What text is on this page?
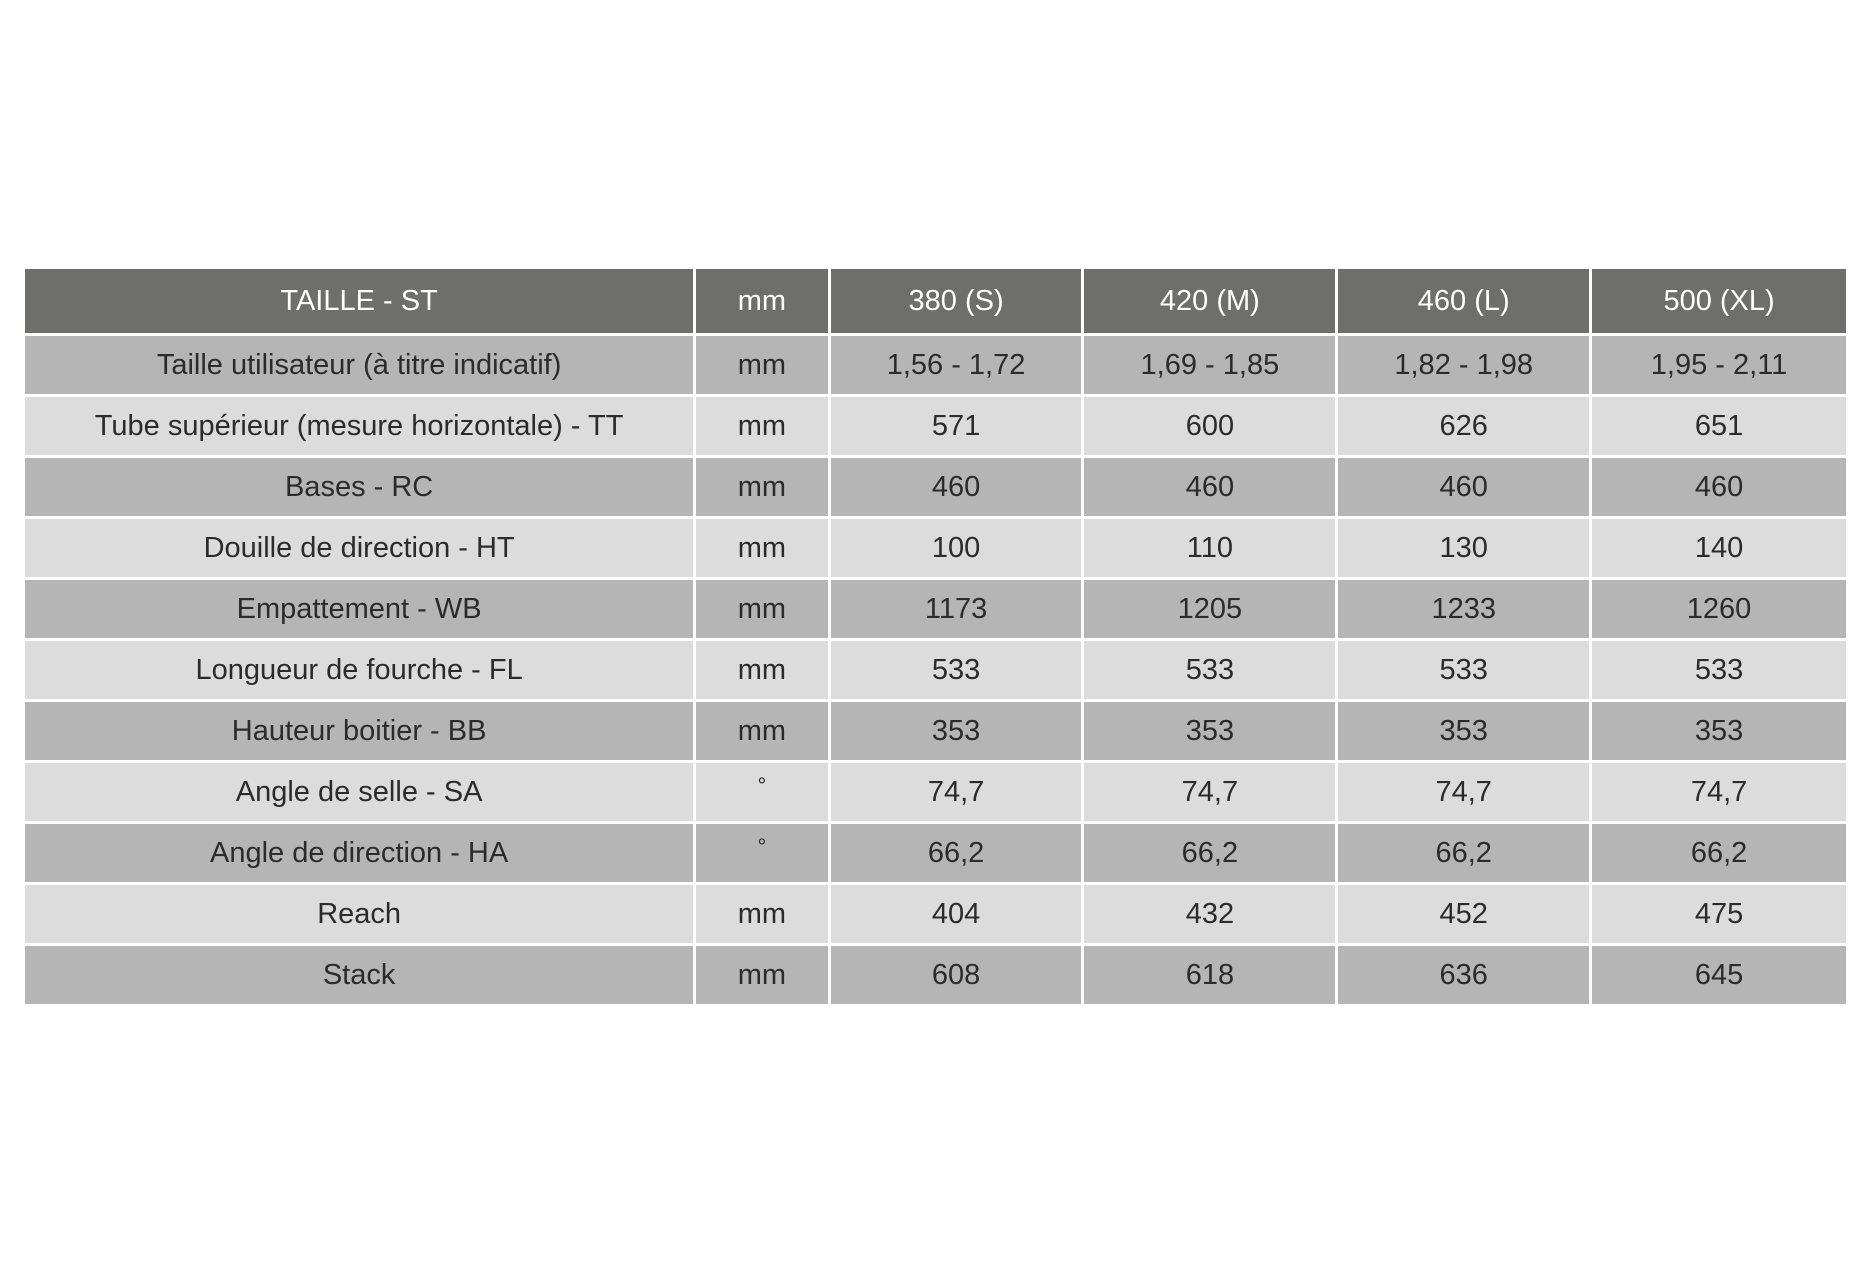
TAILLE - ST	mm	380 (S)	420 (M)	460 (L)	500 (XL)
Taille utilisateur (à titre indicatif)	mm	1,56 - 1,72	1,69 - 1,85	1,82 - 1,98	1,95 - 2,11
Tube supérieur (mesure horizontale) - TT	mm	571	600	626	651
Bases - RC	mm	460	460	460	460
Douille de direction - HT	mm	100	110	130	140
Empattement - WB	mm	1173	1205	1233	1260
Longueur de fourche - FL	mm	533	533	533	533
Hauteur boitier - BB	mm	353	353	353	353
Angle de selle - SA	°	74,7	74,7	74,7	74,7
Angle de direction - HA	°	66,2	66,2	66,2	66,2
Reach	mm	404	432	452	475
Stack	mm	608	618	636	645
